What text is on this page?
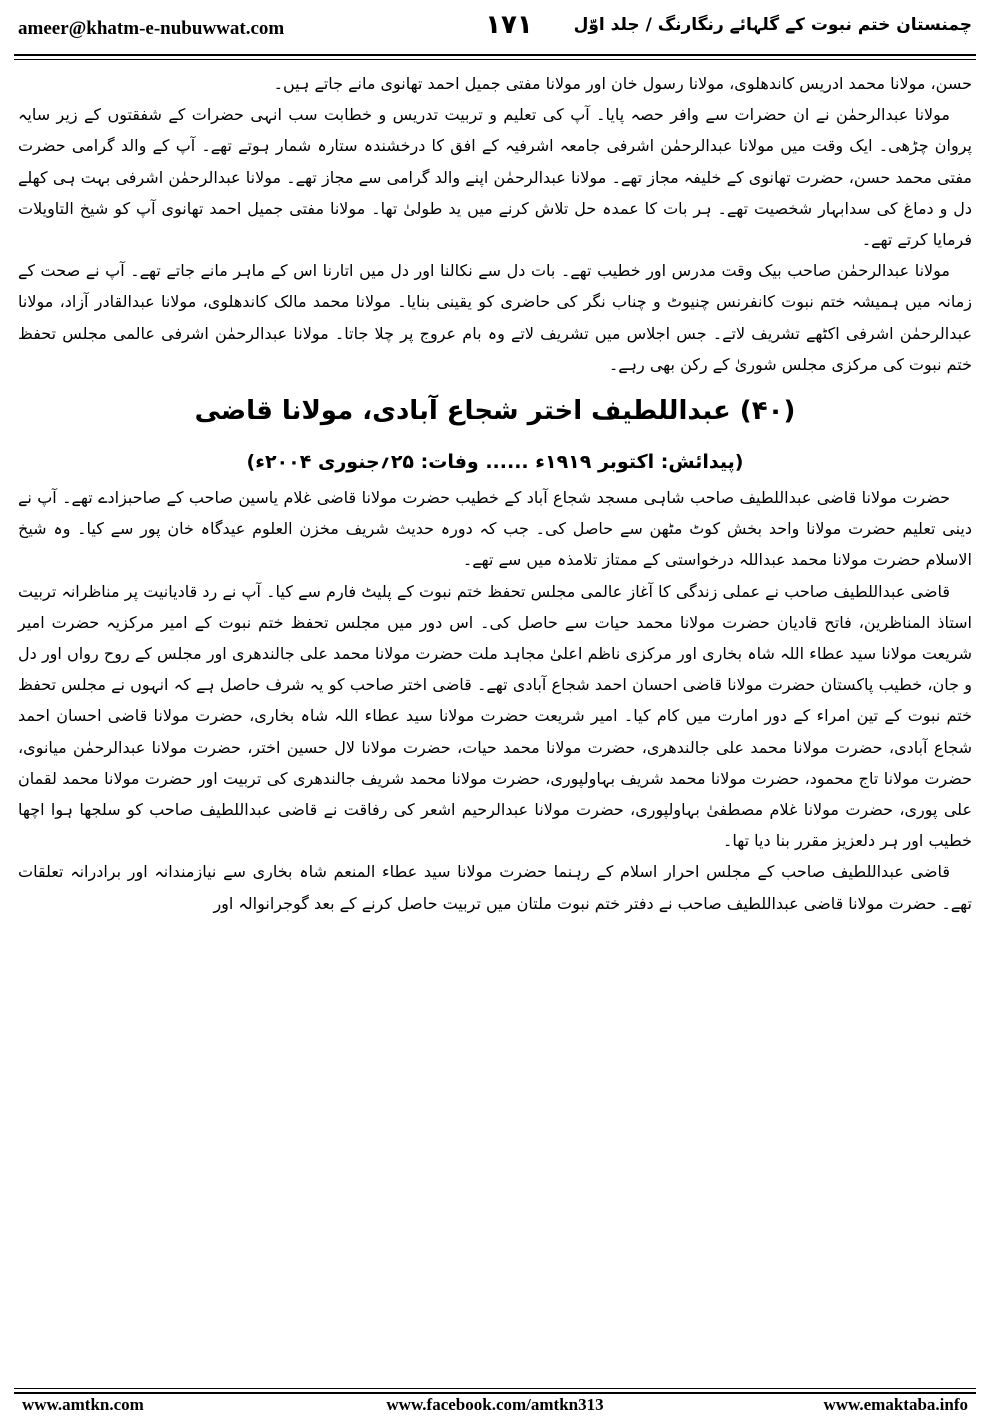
ameer@khatm-e-nubuwwat.com	۱۷۱	چمنستان ختم نبوت کے گلہائے رنگارنگ / جلد اوّل

حسن، مولانا محمد ادریس کاندھلوی، مولانا رسول خان اور مولانا مفتی جمیل احمد تھانوی مانے جاتے ہیں۔

مولانا عبدالرحمٰن نے ان حضرات سے وافر حصہ پایا۔ آپ کی تعلیم و تربیت تدریس و خطابت سب انہی حضرات کے شفقتوں کے زیر سایہ پروان چڑھی۔ ایک وقت میں مولانا عبدالرحمٰن اشرفی جامعہ اشرفیہ کے افق کا درخشندہ ستارہ شمار ہوتے تھے۔ آپ کے والد گرامی حضرت مفتی محمد حسن، حضرت تھانوی کے خلیفہ مجاز تھے۔ مولانا عبدالرحمٰن اپنے والد گرامی سے مجاز تھے۔ مولانا عبدالرحمٰن اشرفی بہت ہی کھلے دل و دماغ کی سدابہار شخصیت تھے۔ ہر بات کا عمدہ حل تلاش کرنے میں ید طولیٰ تھا۔ مولانا مفتی جمیل احمد تھانوی آپ کو شیخ التاویلات فرمایا کرتے تھے۔

مولانا عبدالرحمٰن صاحب بیک وقت مدرس اور خطیب تھے۔ بات دل سے نکالنا اور دل میں اتارنا اس کے ماہر مانے جاتے تھے۔ آپ نے صحت کے زمانہ میں ہمیشہ ختم نبوت کانفرنس چنیوٹ و چناب نگر کی حاضری کو یقینی بنایا۔ مولانا محمد مالک کاندھلوی، مولانا عبدالقادر آزاد، مولانا عبدالرحمٰن اشرفی اکٹھے تشریف لاتے۔ جس اجلاس میں تشریف لاتے وہ بام عروج پر چلا جاتا۔ مولانا عبدالرحمٰن اشرفی عالمی مجلس تحفظ ختم نبوت کی مرکزی مجلس شوریٰ کے رکن بھی رہے۔

(۴۰) عبداللطیف اختر شجاع آبادی، مولانا قاضی

(پیدائش: اکتوبر ۱۹۱۹ء ...... وفات: ۲۵؍جنوری ۲۰۰۴ء)

حضرت مولانا قاضی عبداللطیف صاحب شاہی مسجد شجاع آباد کے خطیب حضرت مولانا قاضی غلام یاسین صاحب کے صاحبزادے تھے۔ آپ نے دینی تعلیم حضرت مولانا واحد بخش کوٹ مٹھن سے حاصل کی۔ جب کہ دورہ حدیث شریف مخزن العلوم عیدگاہ خان پور سے کیا۔ وہ شیخ الاسلام حضرت مولانا محمد عبداللہ درخواستی کے ممتاز تلامذہ میں سے تھے۔

قاضی عبداللطیف صاحب نے عملی زندگی کا آغاز عالمی مجلس تحفظ ختم نبوت کے پلیٹ فارم سے کیا۔ آپ نے رد قادیانیت پر مناظرانہ تربیت استاذ المناظرین، فاتح قادیان حضرت مولانا محمد حیات سے حاصل کی۔ اس دور میں مجلس تحفظ ختم نبوت کے امیر مرکزیہ حضرت امیر شریعت مولانا سید عطاء اللہ شاہ بخاری اور مرکزی ناظم اعلیٰ مجاہد ملت حضرت مولانا محمد علی جالندھری اور مجلس کے روح رواں اور دل و جان، خطیب پاکستان حضرت مولانا قاضی احسان احمد شجاع آبادی تھے۔ قاضی اختر صاحب کو یہ شرف حاصل ہے کہ انہوں نے مجلس تحفظ ختم نبوت کے تین امراء کے دور امارت میں کام کیا۔ امیر شریعت حضرت مولانا سید عطاء اللہ شاہ بخاری، حضرت مولانا قاضی احسان احمد شجاع آبادی، حضرت مولانا محمد علی جالندھری، حضرت مولانا محمد حیات، حضرت مولانا لال حسین اختر، حضرت مولانا عبدالرحمٰن میانوی، حضرت مولانا تاج محمود، حضرت مولانا محمد شریف بہاولپوری، حضرت مولانا محمد شریف جالندھری کی تربیت اور حضرت مولانا محمد لقمان علی پوری، حضرت مولانا غلام مصطفیٰ بہاولپوری، حضرت مولانا عبدالرحیم اشعر کی رفاقت نے قاضی عبداللطیف صاحب کو سلجھا ہوا اچھا خطیب اور ہر دلعزیز مقرر بنا دیا تھا۔

قاضی عبداللطیف صاحب کے مجلس احرار اسلام کے رہنما حضرت مولانا سید عطاء المنعم شاہ بخاری سے نیازمندانہ اور برادرانہ تعلقات تھے۔ حضرت مولانا قاضی عبداللطیف صاحب نے دفتر ختم نبوت ملتان میں تربیت حاصل کرنے کے بعد گوجرانوالہ اور

www.amtkn.com	www.facebook.com/amtkn313	www.emaktaba.info
